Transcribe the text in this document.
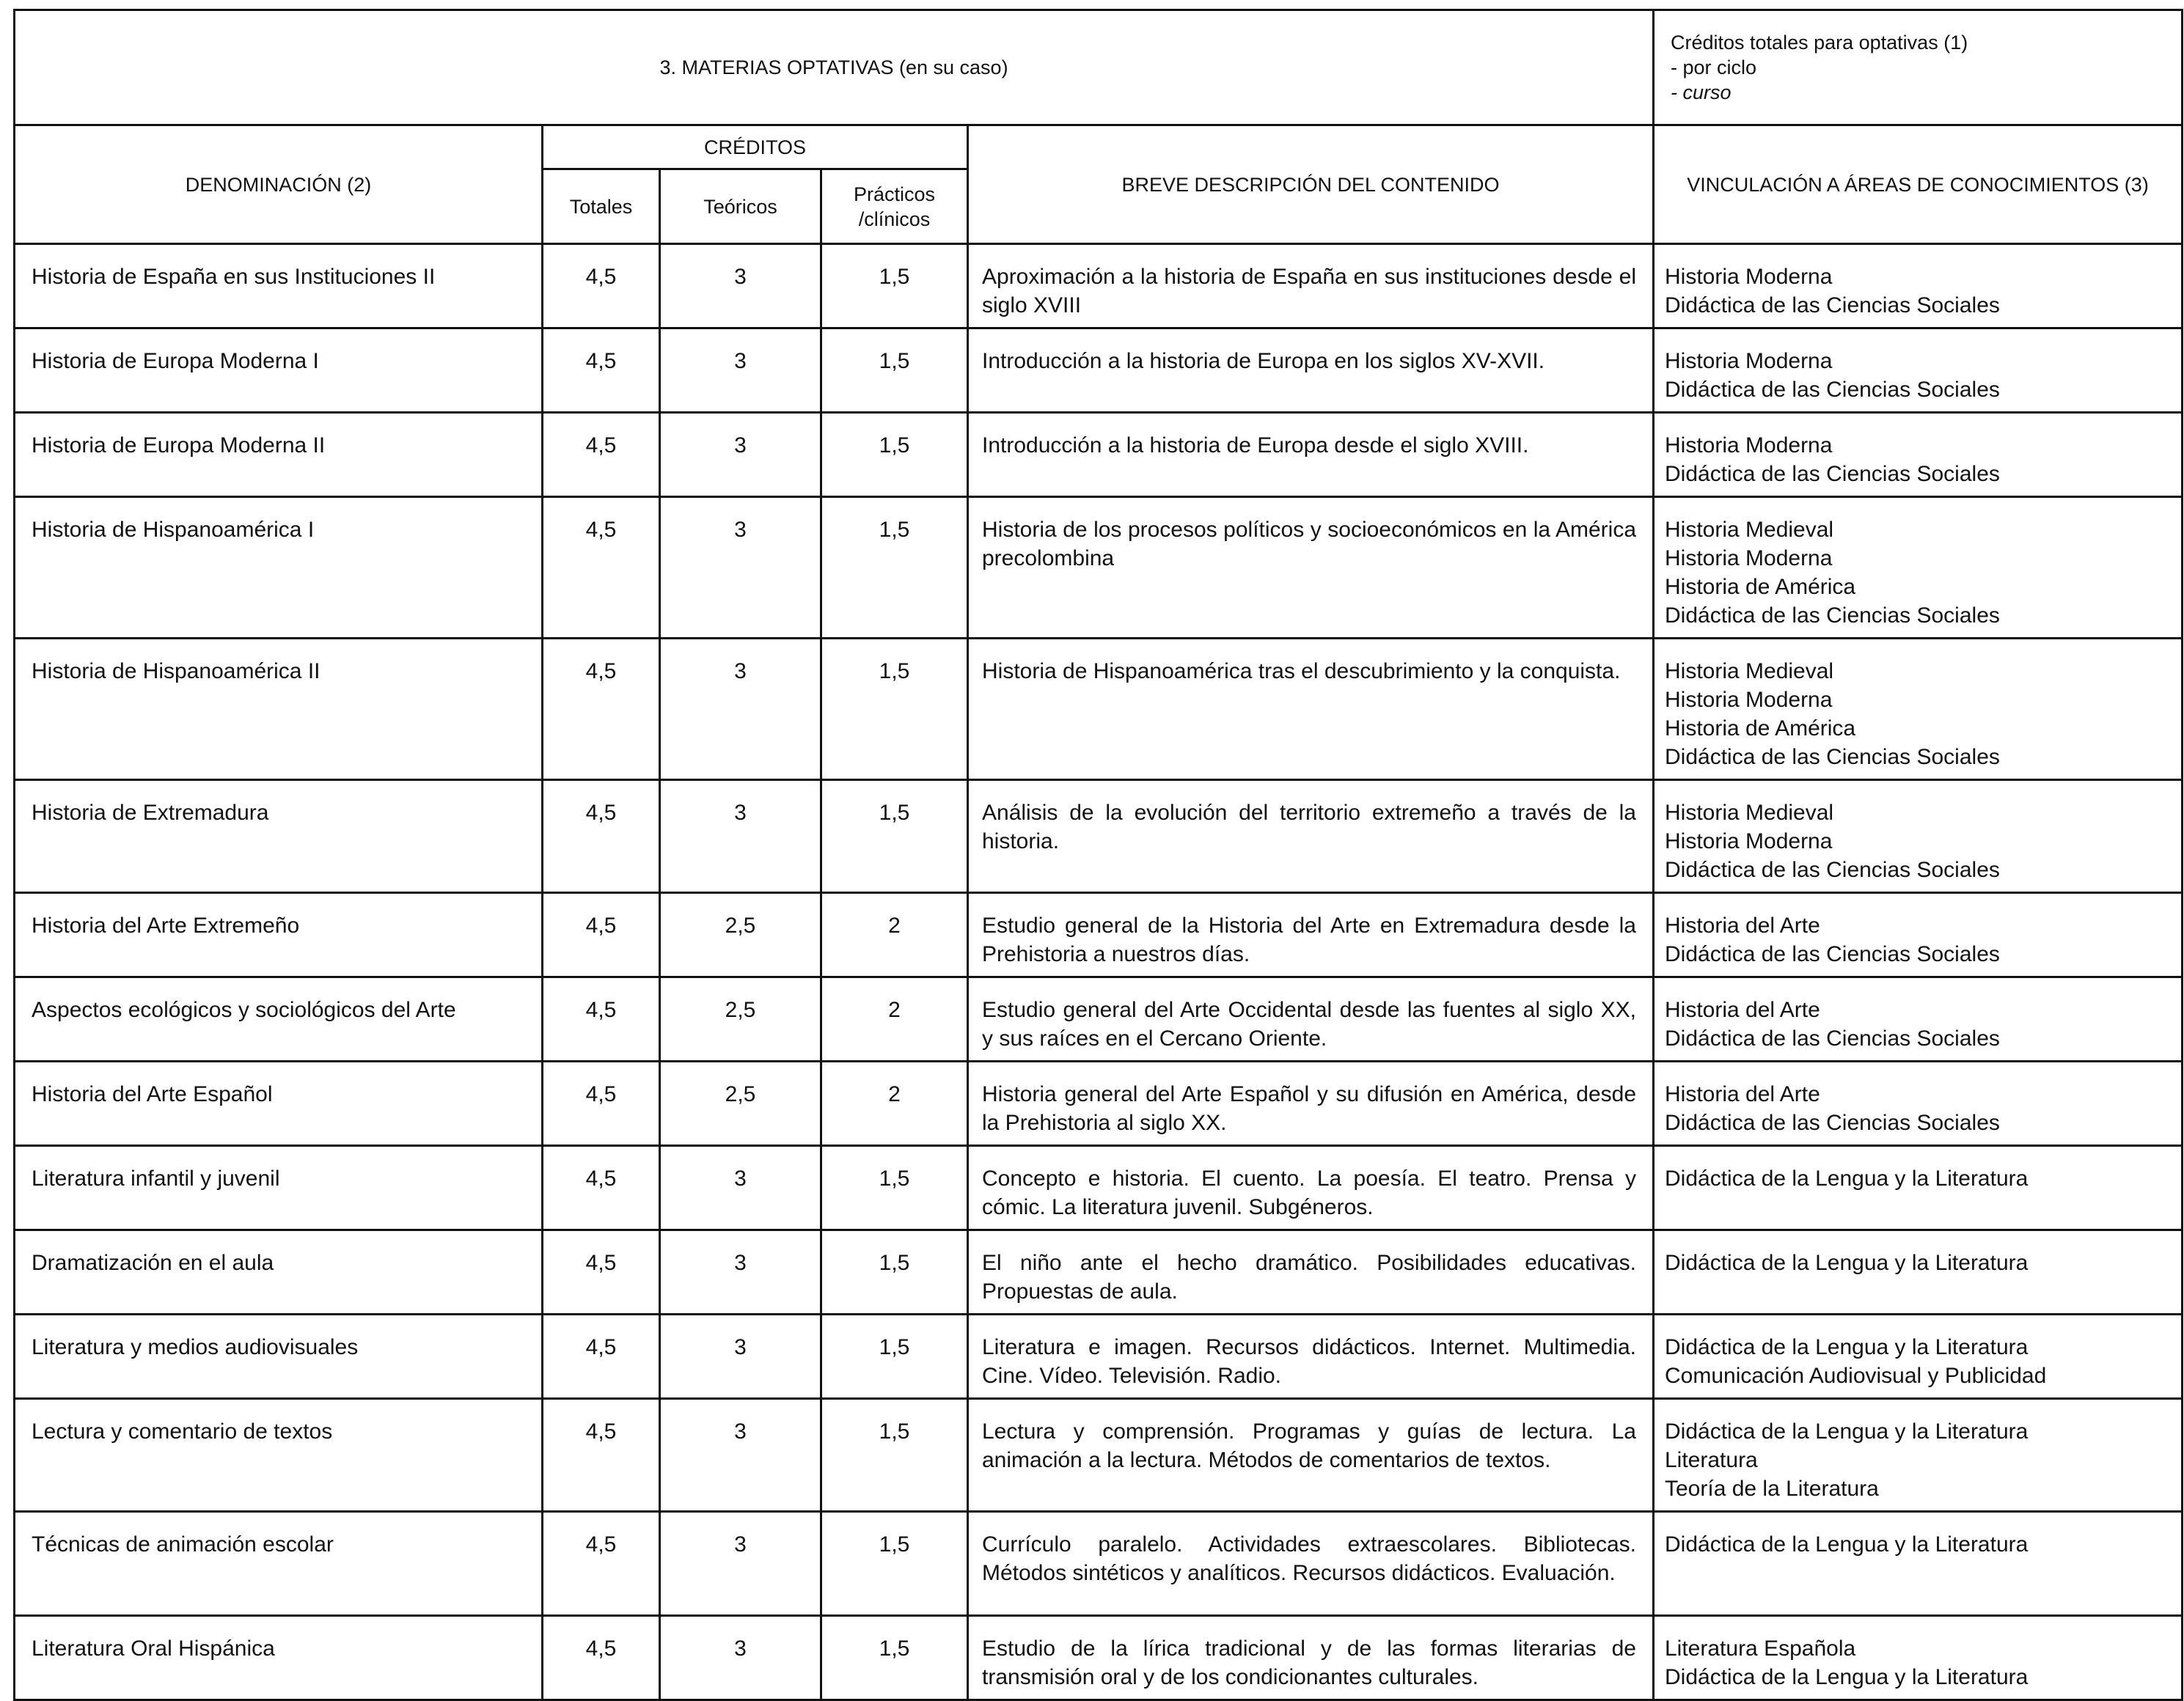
3. MATERIAS OPTATIVAS (en su caso)					Créditos totales para optativas (1)
- por ciclo
- curso

DENOMINACIÓN (2)	CRÉDITOS			BREVE DESCRIPCIÓN DEL CONTENIDO	VINCULACIÓN A ÁREAS DE CONOCIMIENTOS (3)
	Totales	Teóricos	Prácticos /clínicos		
Historia de España en sus Instituciones II	4,5	3	1,5	Aproximación a la historia de España en sus instituciones desde el siglo XVIII	Historia Moderna
Didáctica de las Ciencias Sociales

Historia de Europa Moderna I	4,5	3	1,5	Introducción a la historia de Europa en los siglos XV-XVII.	Historia Moderna
Didáctica de las Ciencias Sociales

Historia de Europa Moderna II	4,5	3	1,5	Introducción a la historia de Europa desde el siglo XVIII.	Historia Moderna
Didáctica de las Ciencias Sociales

Historia de Hispanoamérica I	4,5	3	1,5	Historia de los procesos políticos y socioeconómicos en la América precolombina	Historia Medieval
Historia Moderna
Historia de América
Didáctica de las Ciencias Sociales

Historia de Hispanoamérica II	4,5	3	1,5	Historia de Hispanoamérica tras el descubrimiento y la conquista.	Historia Medieval
Historia Moderna
Historia de América
Didáctica de las Ciencias Sociales

Historia de Extremadura	4,5	3	1,5	Análisis de la evolución del territorio extremeño a través de la historia.	Historia Medieval
Historia Moderna
Didáctica de las Ciencias Sociales

Historia del Arte Extremeño	4,5	2,5	2	Estudio general de la Historia del Arte en Extremadura desde la Prehistoria a nuestros días.	Historia del Arte
Didáctica de las Ciencias Sociales

Aspectos ecológicos y sociológicos del Arte	4,5	2,5	2	Estudio general del Arte Occidental desde las fuentes al siglo XX, y sus raíces en el Cercano Oriente.	Historia del Arte
Didáctica de las Ciencias Sociales

Historia del Arte Español	4,5	2,5	2	Historia general del Arte Español y su difusión en América, desde la Prehistoria al siglo XX.	Historia del Arte
Didáctica de las Ciencias Sociales

Literatura infantil y juvenil	4,5	3	1,5	Concepto e historia. El cuento. La poesía. El teatro. Prensa y cómic. La literatura juvenil. Subgéneros.	Didáctica de la Lengua y la Literatura

Dramatización en el aula	4,5	3	1,5	El niño ante el hecho dramático. Posibilidades educativas. Propuestas de aula.	Didáctica de la Lengua y la Literatura

Literatura y medios audiovisuales	4,5	3	1,5	Literatura e imagen. Recursos didácticos. Internet. Multimedia. Cine. Vídeo. Televisión. Radio.	Didáctica de la Lengua y la Literatura
Comunicación Audiovisual y Publicidad

Lectura y comentario de textos	4,5	3	1,5	Lectura y comprensión. Programas y guías de lectura. La animación a la lectura. Métodos de comentarios de textos.	Didáctica de la Lengua y la Literatura
Literatura
Teoría de la Literatura

Técnicas de animación escolar	4,5	3	1,5	Currículo paralelo. Actividades extraescolares. Bibliotecas. Métodos sintéticos y analíticos. Recursos didácticos. Evaluación.	Didáctica de la Lengua y la Literatura

Literatura Oral Hispánica	4,5	3	1,5	Estudio de la lírica tradicional y de las formas literarias de transmisión oral y de los condicionantes culturales.	Literatura Española
Didáctica de la Lengua y la Literatura
